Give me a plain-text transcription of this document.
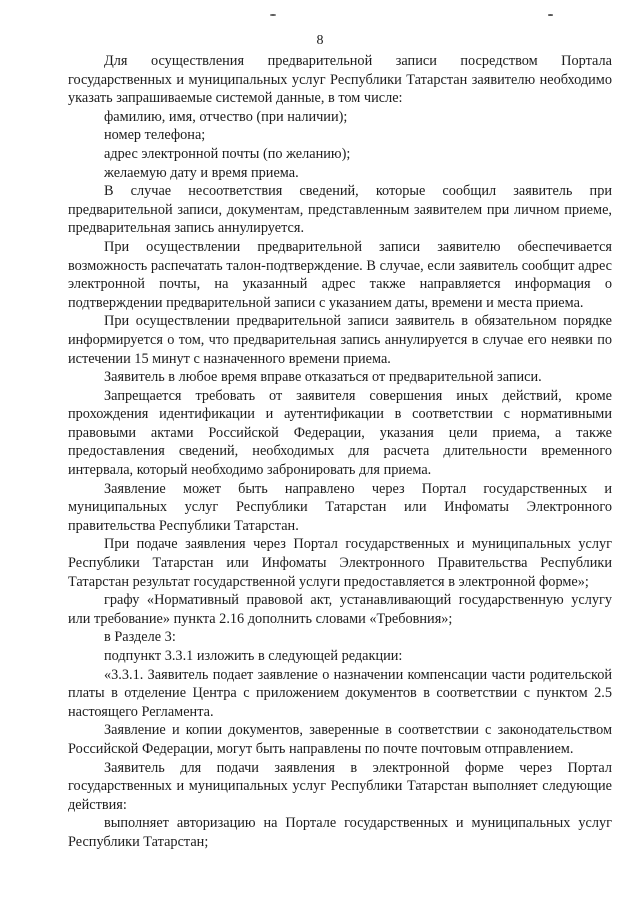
8

Для осуществления предварительной записи посредством Портала государственных и муниципальных услуг Республики Татарстан заявителю необходимо указать запрашиваемые системой данные, в том числе:

фамилию, имя, отчество (при наличии);

номер телефона;

адрес электронной почты (по желанию);

желаемую дату и время приема.

В случае несоответствия сведений, которые сообщил заявитель при предварительной записи, документам, представленным заявителем при личном приеме, предварительная запись аннулируется.

При осуществлении предварительной записи заявителю обеспечивается возможность распечатать талон-подтверждение. В случае, если заявитель сообщит адрес электронной почты, на указанный адрес также направляется информация о подтверждении предварительной записи с указанием даты, времени и места приема.

При осуществлении предварительной записи заявитель в обязательном порядке информируется о том, что предварительная запись аннулируется в случае его неявки по истечении 15 минут с назначенного времени приема.

Заявитель в любое время вправе отказаться от предварительной записи.

Запрещается требовать от заявителя совершения иных действий, кроме прохождения идентификации и аутентификации в соответствии с нормативными правовыми актами Российской Федерации, указания цели приема, а также предоставления сведений, необходимых для расчета длительности временного интервала, который необходимо забронировать для приема.

Заявление может быть направлено через Портал государственных и муниципальных услуг Республики Татарстан или Инфоматы Электронного правительства Республики Татарстан.

При подаче заявления через Портал государственных и муниципальных услуг Республики Татарстан или Инфоматы Электронного Правительства Республики Татарстан результат государственной услуги предоставляется в электронной форме»;

графу «Нормативный правовой акт, устанавливающий государственную услугу или требование» пункта 2.16 дополнить словами «Требовния»;

в Разделе 3:

подпункт 3.3.1 изложить в следующей редакции:

«3.3.1. Заявитель подает заявление о назначении компенсации части родительской платы в отделение Центра с приложением документов в соответствии с пунктом 2.5 настоящего Регламента.

Заявление и копии документов, заверенные в соответствии с законодательством Российской Федерации, могут быть направлены по почте почтовым отправлением.

Заявитель для подачи заявления в электронной форме через Портал государственных и муниципальных услуг Республики Татарстан выполняет следующие действия:

выполняет авторизацию на Портале государственных и муниципальных услуг Республики Татарстан;
